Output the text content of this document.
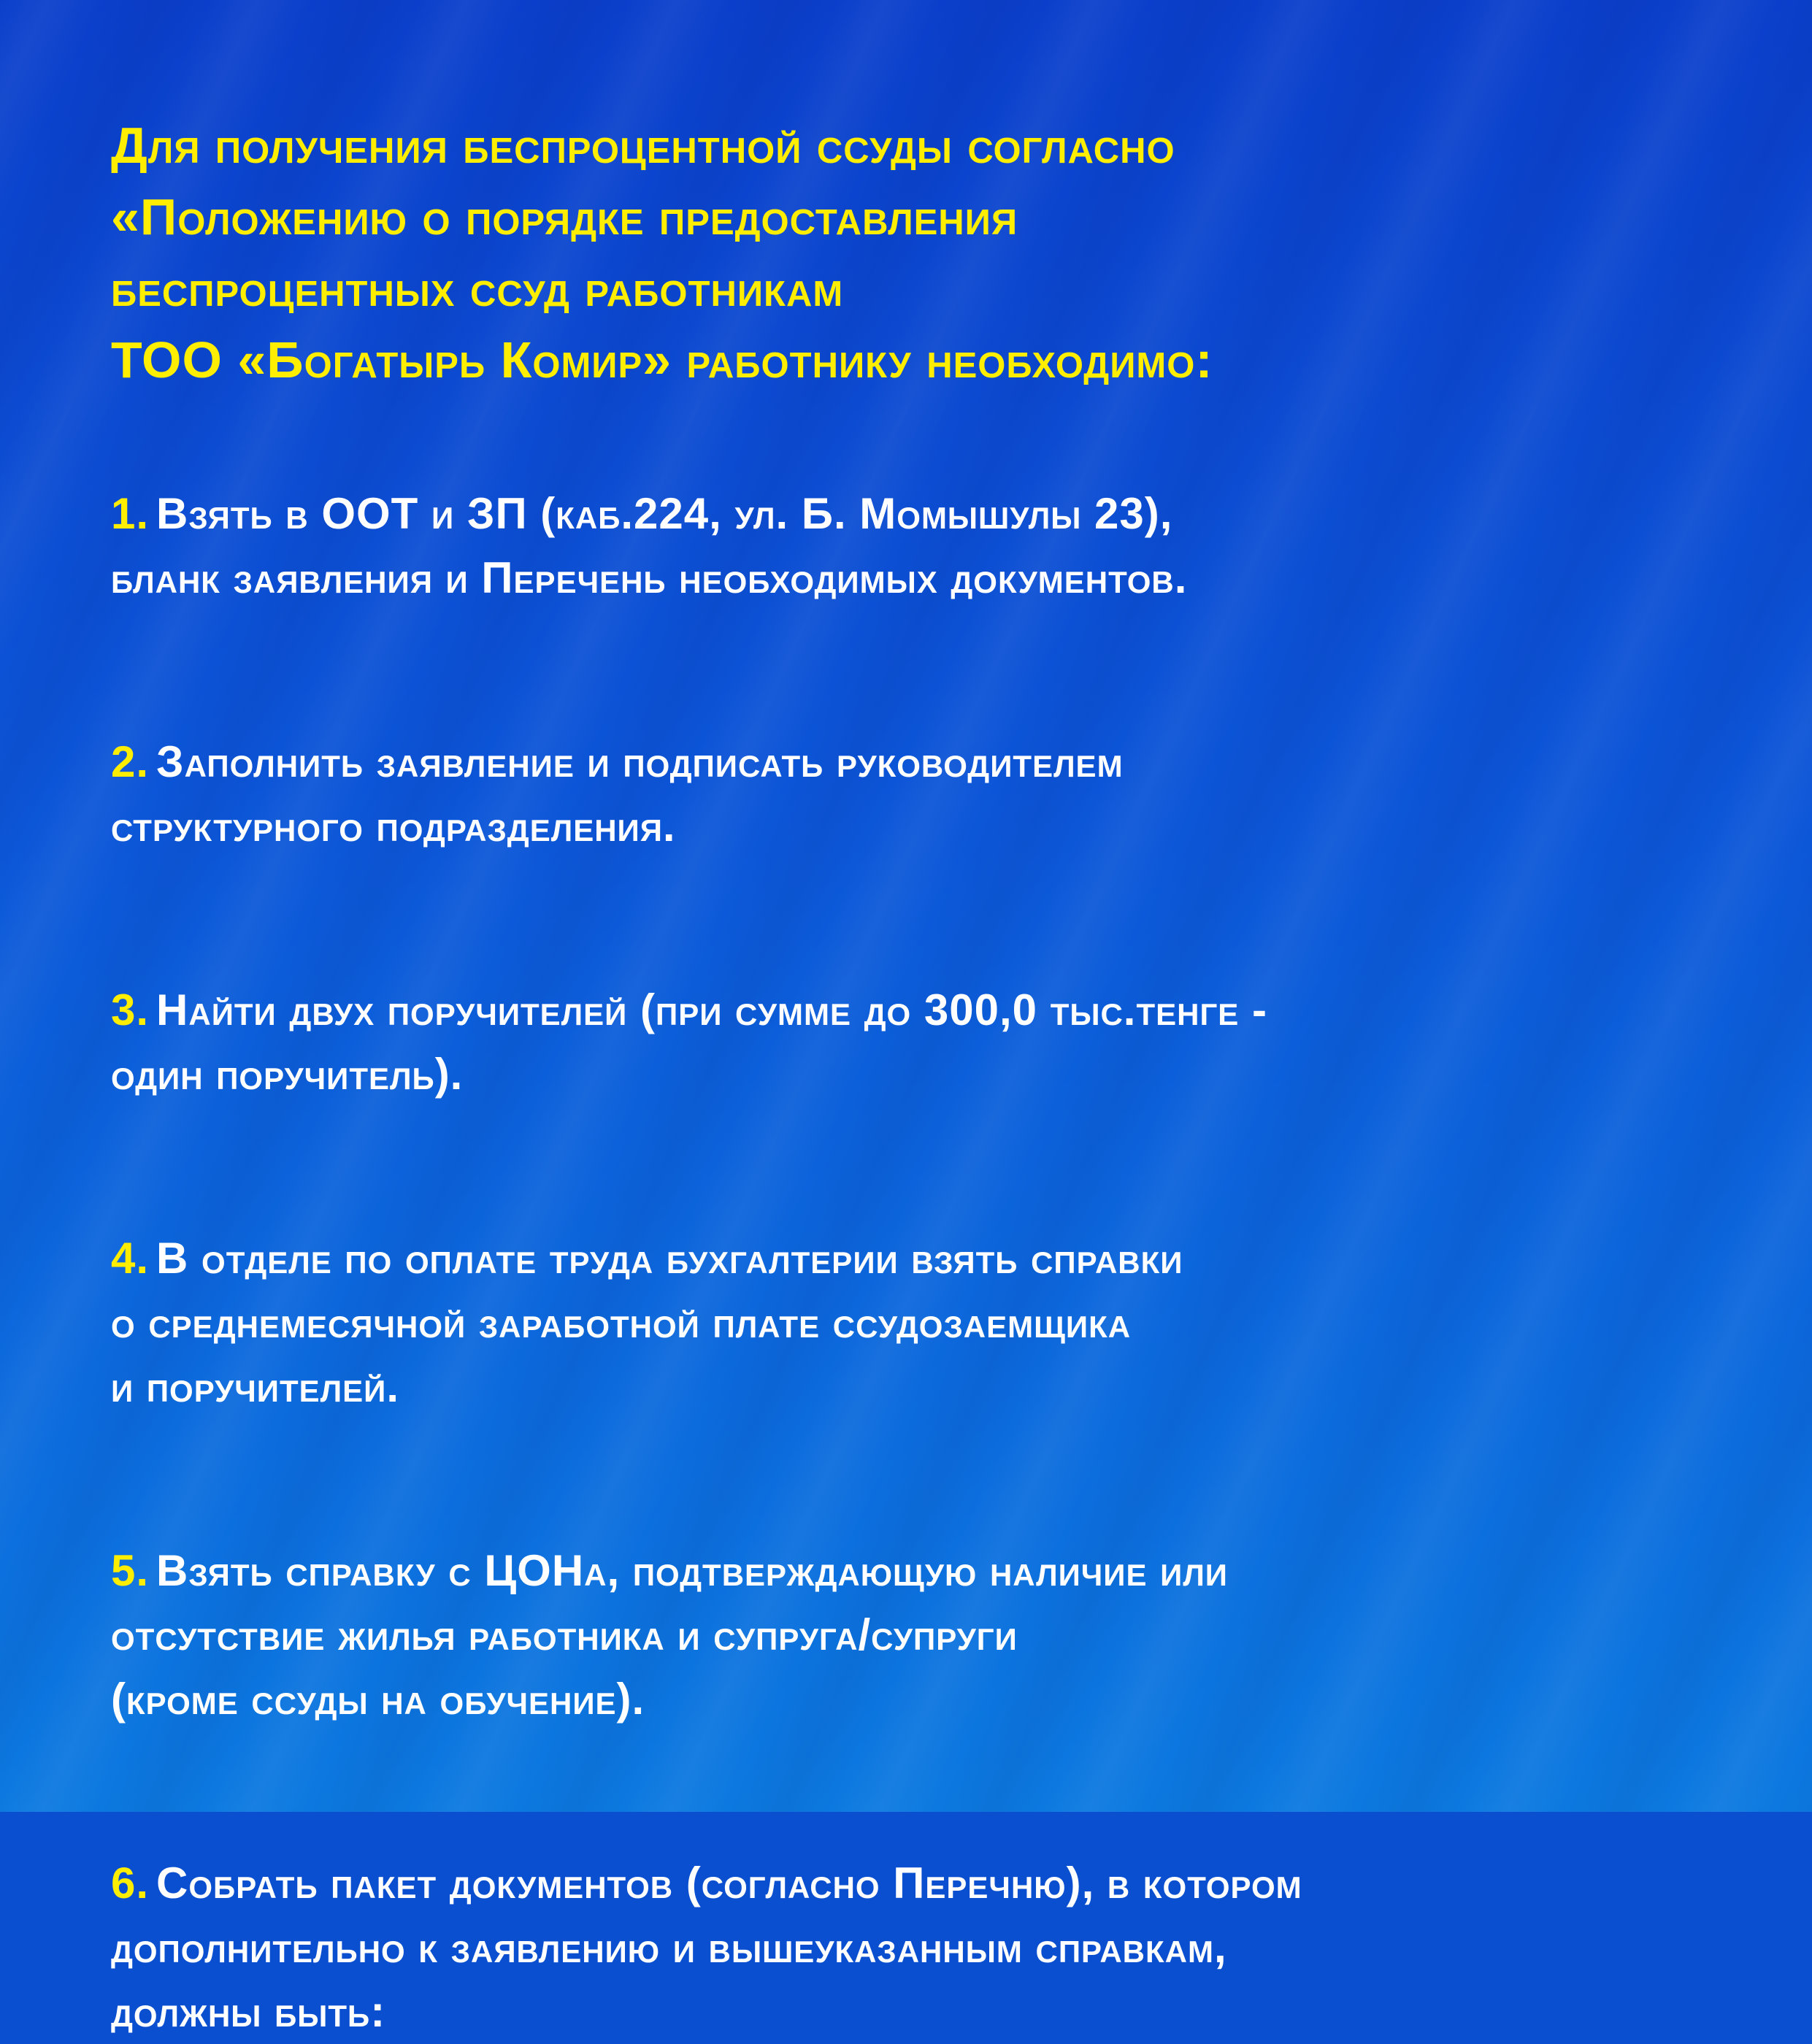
Для получения беспроцентной ссуды согласно
«Положению о порядке предоставления
беспроцентных ссуд работникам
ТОО «Богатырь Комир» работнику необходимо:
1. Взять в ООТ и ЗП (каб.224, ул. Б. Момышулы 23),
бланк заявления и Перечень необходимых документов.
2. Заполнить заявление и подписать руководителем
структурного подразделения.
3. Найти двух поручителей (при сумме до 300,0 тыс.тенге -
один поручитель).
4. В отделе по оплате труда бухгалтерии взять справки
о среднемесячной заработной плате ссудозаемщика
и поручителей.
5. Взять справку с ЦОНа, подтверждающую наличие или
отсутствие жилья работника и супруга/супруги
(кроме ссуды на обучение).
6. Собрать пакет документов (согласно Перечню), в котором
дополнительно к заявлению и вышеуказанным справкам,
должны быть:
